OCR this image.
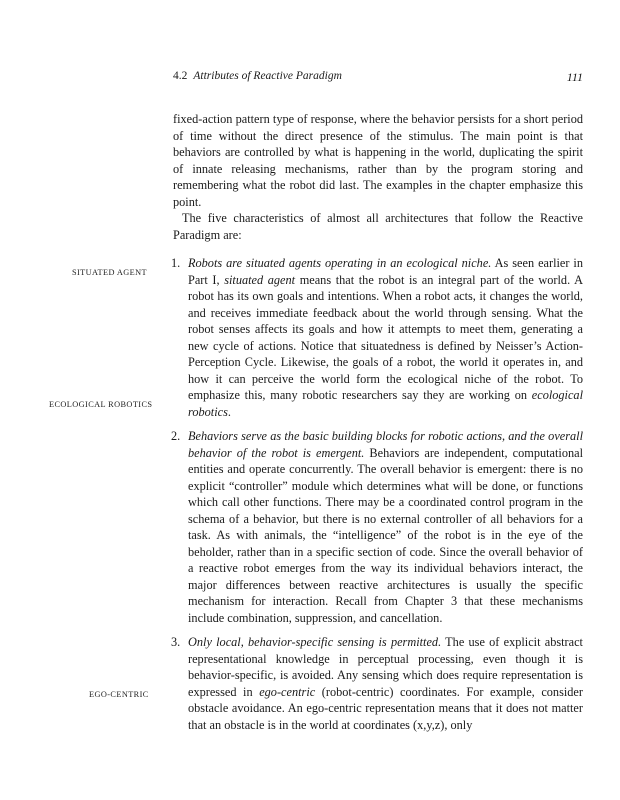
4.2 Attributes of Reactive Paradigm	111
SITUATED AGENT
ECOLOGICAL ROBOTICS
EGO-CENTRIC

fixed-action pattern type of response, where the behavior persists for a short period of time without the direct presence of the stimulus. The main point is that behaviors are controlled by what is happening in the world, duplicating the spirit of innate releasing mechanisms, rather than by the program storing and remembering what the robot did last. The examples in the chapter emphasize this point.

The five characteristics of almost all architectures that follow the Reactive Paradigm are:

1. Robots are situated agents operating in an ecological niche. As seen earlier in Part I, situated agent means that the robot is an integral part of the world. A robot has its own goals and intentions. When a robot acts, it changes the world, and receives immediate feedback about the world through sensing. What the robot senses affects its goals and how it attempts to meet them, generating a new cycle of actions. Notice that situatedness is defined by Neisser’s Action-Perception Cycle. Likewise, the goals of a robot, the world it operates in, and how it can perceive the world form the ecological niche of the robot. To emphasize this, many robotic researchers say they are working on ecological robotics.
2. Behaviors serve as the basic building blocks for robotic actions, and the overall behavior of the robot is emergent. Behaviors are independent, computational entities and operate concurrently. The overall behavior is emergent: there is no explicit “controller” module which determines what will be done, or functions which call other functions. There may be a coordinated control program in the schema of a behavior, but there is no external controller of all behaviors for a task. As with animals, the “intelligence” of the robot is in the eye of the beholder, rather than in a specific section of code. Since the overall behavior of a reactive robot emerges from the way its individual behaviors interact, the major differences between reactive architectures is usually the specific mechanism for interaction. Recall from Chapter 3 that these mechanisms include combination, suppression, and cancellation.
3. Only local, behavior-specific sensing is permitted. The use of explicit abstract representational knowledge in perceptual processing, even though it is behavior-specific, is avoided. Any sensing which does require representation is expressed in ego-centric (robot-centric) coordinates. For example, consider obstacle avoidance. An ego-centric representation means that it does not matter that an obstacle is in the world at coordinates (x,y,z), only
